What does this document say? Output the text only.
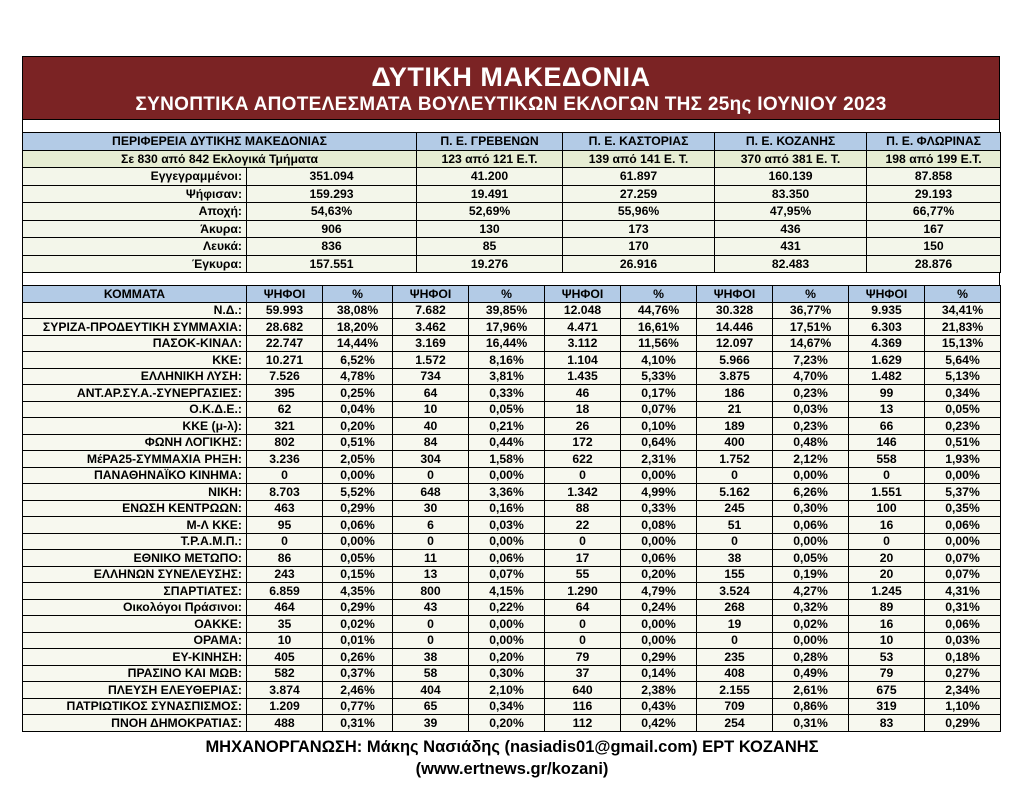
ΔΥΤΙΚΗ ΜΑΚΕΔΟΝΙΑ
ΣΥΝΟΠΤΙΚΑ ΑΠΟΤΕΛΕΣΜΑΤΑ ΒΟΥΛΕΥΤΙΚΩΝ ΕΚΛΟΓΩΝ ΤΗΣ 25ης ΙΟΥΝΙΟΥ 2023
ΠΕΡΙΦΕΡΕΙΑ ΔΥΤΙΚΗΣ ΜΑΚΕΔΟΝΙΑΣ		Π. Ε. ΓΡΕΒΕΝΩΝ	Π. Ε. ΚΑΣΤΟΡΙΑΣ	Π. Ε. ΚΟΖΑΝΗΣ	Π. Ε. ΦΛΩΡΙΝΑΣ
Σε 830 από 842 Εκλογικά Τμήματα		123 από 121 Ε.Τ.	139 από 141 Ε. Τ.	370 από 381 Ε. Τ.	198 από 199 Ε.Τ.
Εγγεγραμμένοι:	351.094	41.200	61.897	160.139	87.858
Ψήφισαν:	159.293	19.491	27.259	83.350	29.193
Αποχή:	54,63%	52,69%	55,96%	47,95%	66,77%
Άκυρα:	906	130	173	436	167
Λευκά:	836	85	170	431	150
Έγκυρα:	157.551	19.276	26.916	82.483	28.876
ΚΟΜΜΑΤΑ	ΨΗΦΟΙ	%	ΨΗΦΟΙ	%	ΨΗΦΟΙ	%	ΨΗΦΟΙ	%	ΨΗΦΟΙ	%
Ν.Δ.:	59.993	38,08%	7.682	39,85%	12.048	44,76%	30.328	36,77%	9.935	34,41%
ΣΥΡΙΖΑ-ΠΡΟΔΕΥΤΙΚΗ ΣΥΜΜΑΧΙΑ:	28.682	18,20%	3.462	17,96%	4.471	16,61%	14.446	17,51%	6.303	21,83%
ΠΑΣΟΚ-ΚΙΝΑΛ:	22.747	14,44%	3.169	16,44%	3.112	11,56%	12.097	14,67%	4.369	15,13%
ΚΚΕ:	10.271	6,52%	1.572	8,16%	1.104	4,10%	5.966	7,23%	1.629	5,64%
ΕΛΛΗΝΙΚΗ ΛΥΣΗ:	7.526	4,78%	734	3,81%	1.435	5,33%	3.875	4,70%	1.482	5,13%
ΑΝΤ.ΑΡ.ΣΥ.Α.-ΣΥΝΕΡΓΑΣΙΕΣ:	395	0,25%	64	0,33%	46	0,17%	186	0,23%	99	0,34%
Ο.Κ.Δ.Ε.:	62	0,04%	10	0,05%	18	0,07%	21	0,03%	13	0,05%
ΚΚΕ (μ-λ):	321	0,20%	40	0,21%	26	0,10%	189	0,23%	66	0,23%
ΦΩΝΗ ΛΟΓΙΚΗΣ:	802	0,51%	84	0,44%	172	0,64%	400	0,48%	146	0,51%
ΜέΡΑ25-ΣΥΜΜΑΧΙΑ ΡΗΞΗ:	3.236	2,05%	304	1,58%	622	2,31%	1.752	2,12%	558	1,93%
ΠΑΝΑΘΗΝΑΪΚΟ ΚΙΝΗΜΑ:	0	0,00%	0	0,00%	0	0,00%	0	0,00%	0	0,00%
ΝΙΚΗ:	8.703	5,52%	648	3,36%	1.342	4,99%	5.162	6,26%	1.551	5,37%
ΕΝΩΣΗ ΚΕΝΤΡΩΩΝ:	463	0,29%	30	0,16%	88	0,33%	245	0,30%	100	0,35%
Μ-Λ ΚΚΕ:	95	0,06%	6	0,03%	22	0,08%	51	0,06%	16	0,06%
Τ.Ρ.Α.Μ.Π.:	0	0,00%	0	0,00%	0	0,00%	0	0,00%	0	0,00%
ΕΘΝΙΚΟ ΜΕΤΩΠΟ:	86	0,05%	11	0,06%	17	0,06%	38	0,05%	20	0,07%
ΕΛΛΗΝΩΝ ΣΥΝΕΛΕΥΣΗΣ:	243	0,15%	13	0,07%	55	0,20%	155	0,19%	20	0,07%
ΣΠΑΡΤΙΑΤΕΣ:	6.859	4,35%	800	4,15%	1.290	4,79%	3.524	4,27%	1.245	4,31%
Οικολόγοι Πράσινοι:	464	0,29%	43	0,22%	64	0,24%	268	0,32%	89	0,31%
ΟΑΚΚΕ:	35	0,02%	0	0,00%	0	0,00%	19	0,02%	16	0,06%
ΟΡΑΜΑ:	10	0,01%	0	0,00%	0	0,00%	0	0,00%	10	0,03%
ΕΥ-ΚΙΝΗΣΗ:	405	0,26%	38	0,20%	79	0,29%	235	0,28%	53	0,18%
ΠΡΑΣΙΝΟ ΚΑΙ ΜΩΒ:	582	0,37%	58	0,30%	37	0,14%	408	0,49%	79	0,27%
ΠΛΕΥΣΗ ΕΛΕΥΘΕΡΙΑΣ:	3.874	2,46%	404	2,10%	640	2,38%	2.155	2,61%	675	2,34%
ΠΑΤΡΙΩΤΙΚΟΣ ΣΥΝΑΣΠΙΣΜΟΣ:	1.209	0,77%	65	0,34%	116	0,43%	709	0,86%	319	1,10%
ΠΝΟΗ ΔΗΜΟΚΡΑΤΙΑΣ:	488	0,31%	39	0,20%	112	0,42%	254	0,31%	83	0,29%
ΜΗΧΑΝΟΡΓΑΝΩΣΗ: Μάκης Νασιάδης (nasiadis01@gmail.com) ΕΡΤ ΚΟΖΑΝΗΣ
(www.ertnews.gr/kozani)
